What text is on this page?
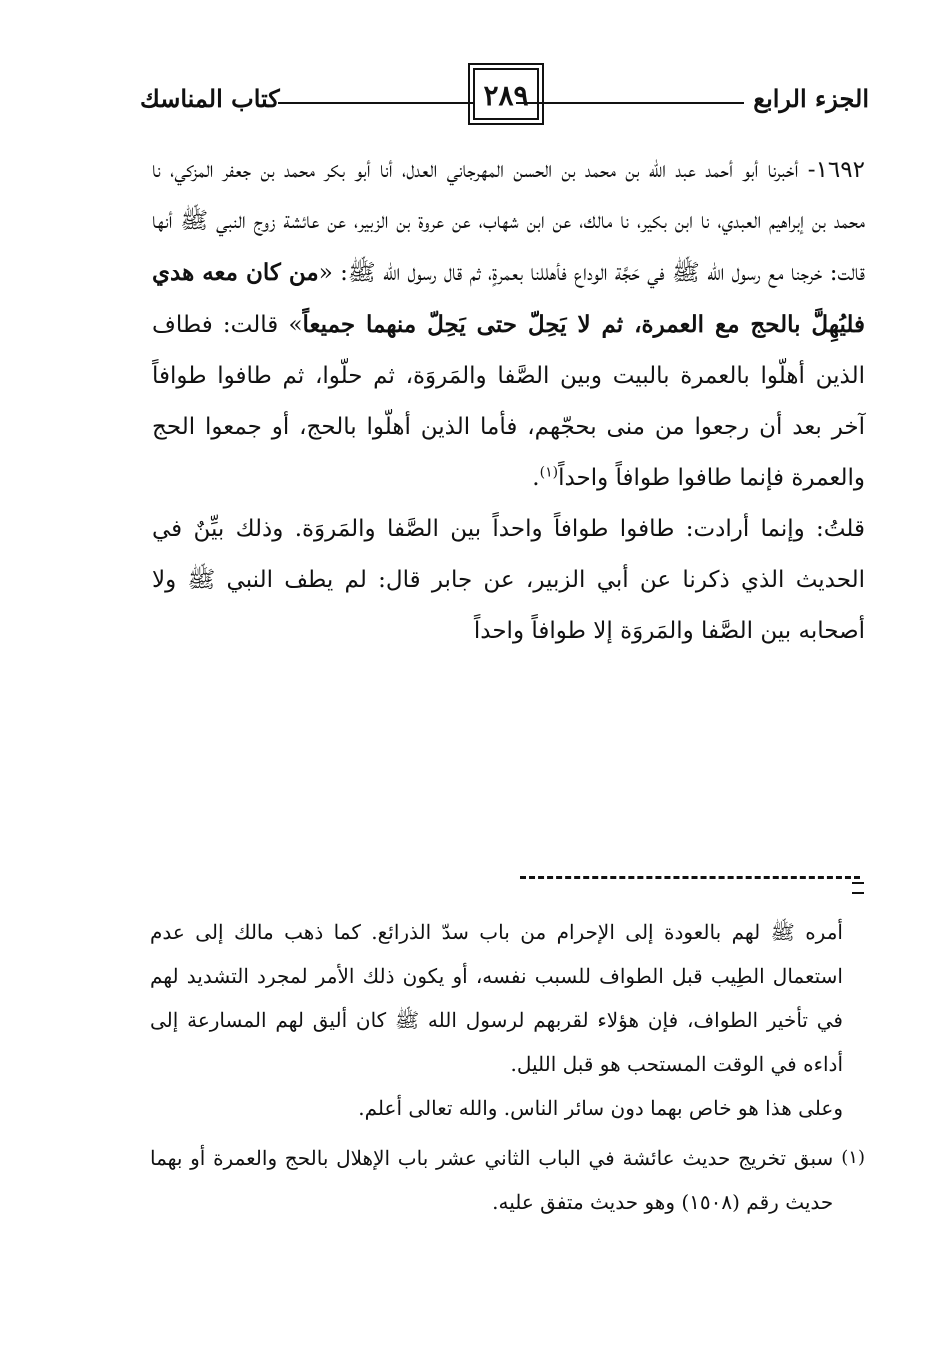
الجزء الرابع
٢٨٩
كتاب المناسك

١٦٩٢- أخبرنا أبو أحمد عبد الله بن محمد بن الحسن المهرجاني العدل، أنا أبو بكر محمد بن جعفر المزكي، نا محمد بن إبراهيم العبدي، نا ابن بكير، نا مالك، عن ابن شهاب، عن عروة بن الزبير، عن عائشة زوج النبي ﷺ أنها قالت: خرجنا مع رسول الله ﷺ في حَجَّة الوداع فأهللنا بعمرةٍ، ثم قال رسول الله ﷺ: «من كان معه هدي فليُهِلَّ بالحج مع العمرة، ثم لا يَحِلّ حتى يَحِلّ منهما جميعاً» قالت: فطاف الذين أهلّوا بالعمرة بالبيت وبين الصَّفا والمَروَة، ثم حلّوا، ثم طافوا طوافاً آخر بعد أن رجعوا من منى بحجّهم، فأما الذين أهلّوا بالحج، أو جمعوا الحج والعمرة فإنما طافوا طوافاً واحداً$^{(١)}$.

قلتُ: وإنما أرادت: طافوا طوافاً واحداً بين الصَّفا والمَروَة. وذلك بيِّنٌ في الحديث الذي ذكرنا عن أبي الزبير، عن جابر قال: لم يطف النبي ﷺ ولا أصحابه بين الصَّفا والمَروَة إلا طوافاً واحداً

أمره ﷺ لهم بالعودة إلى الإحرام من باب سدّ الذرائع. كما ذهب مالك إلى عدم استعمال الطِيب قبل الطواف للسبب نفسه، أو يكون ذلك الأمر لمجرد التشديد لهم في تأخير الطواف، فإن هؤلاء لقربهم لرسول الله ﷺ كان أليق لهم المسارعة إلى أداءه في الوقت المستحب هو قبل الليل.

وعلى هذا هو خاص بهما دون سائر الناس. والله تعالى أعلم.

(١)
سبق تخريج حديث عائشة في الباب الثاني عشر باب الإهلال بالحج والعمرة أو بهما حديث رقم (١٥٠٨) وهو حديث متفق عليه.
